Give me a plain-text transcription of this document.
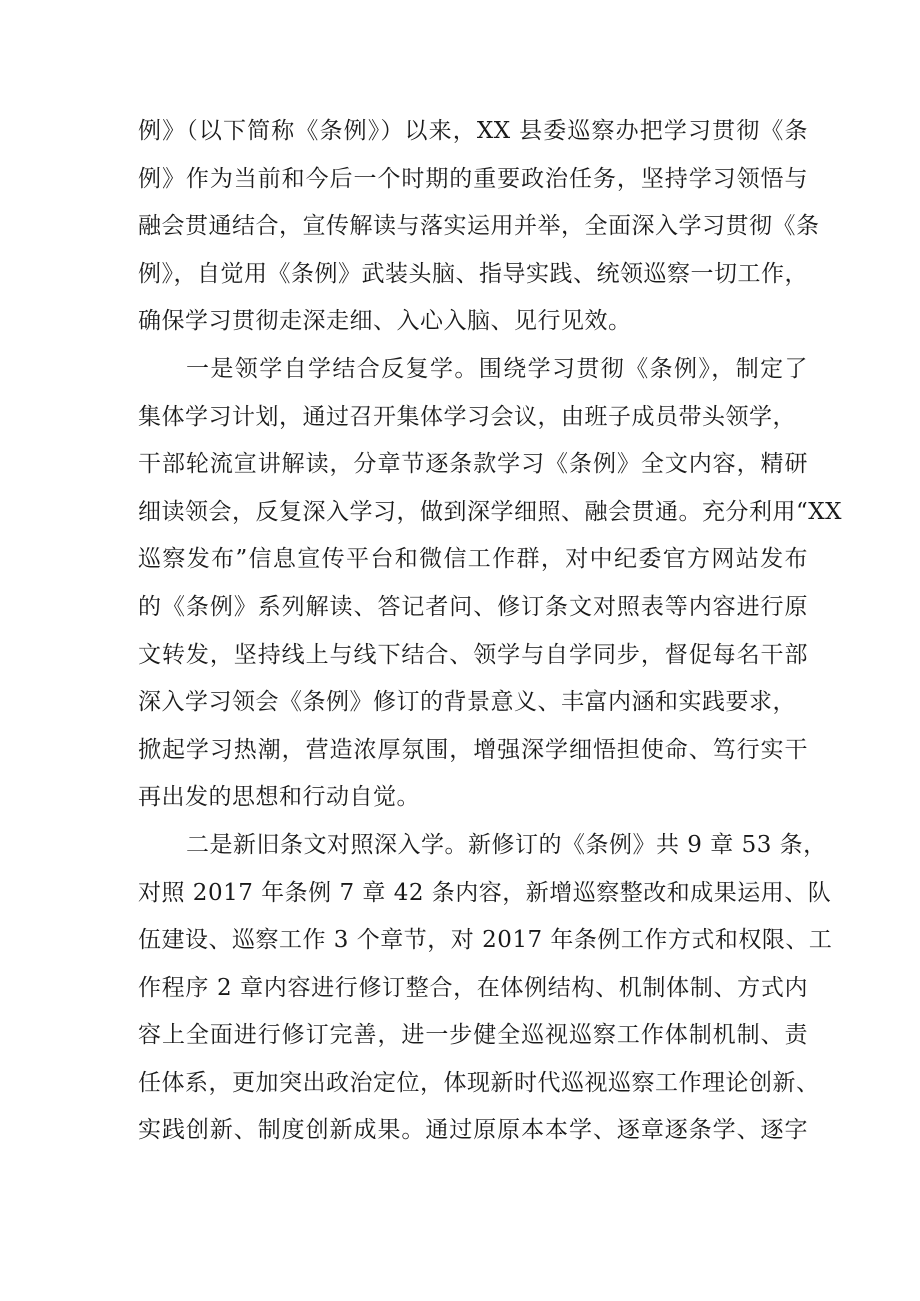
例》（以下简称《条例》）以来，XX 县委巡察办把学习贯彻《条
例》作为当前和今后一个时期的重要政治任务，坚持学习领悟与
融会贯通结合，宣传解读与落实运用并举，全面深入学习贯彻《条
例》，自觉用《条例》武装头脑、指导实践、统领巡察一切工作，
确保学习贯彻走深走细、入心入脑、见行见效。
一是领学自学结合反复学。围绕学习贯彻《条例》，制定了
集体学习计划，通过召开集体学习会议，由班子成员带头领学，
干部轮流宣讲解读，分章节逐条款学习《条例》全文内容，精研
细读领会，反复深入学习，做到深学细照、融会贯通。充分利用“XX
巡察发布”信息宣传平台和微信工作群，对中纪委官方网站发布
的《条例》系列解读、答记者问、修订条文对照表等内容进行原
文转发，坚持线上与线下结合、领学与自学同步，督促每名干部
深入学习领会《条例》修订的背景意义、丰富内涵和实践要求，
掀起学习热潮，营造浓厚氛围，增强深学细悟担使命、笃行实干
再出发的思想和行动自觉。
二是新旧条文对照深入学。新修订的《条例》共 9 章 53 条，
对照 2017 年条例 7 章 42 条内容，新增巡察整改和成果运用、队
伍建设、巡察工作 3 个章节，对 2017 年条例工作方式和权限、工
作程序 2 章内容进行修订整合，在体例结构、机制体制、方式内
容上全面进行修订完善，进一步健全巡视巡察工作体制机制、责
任体系，更加突出政治定位，体现新时代巡视巡察工作理论创新、
实践创新、制度创新成果。通过原原本本学、逐章逐条学、逐字
